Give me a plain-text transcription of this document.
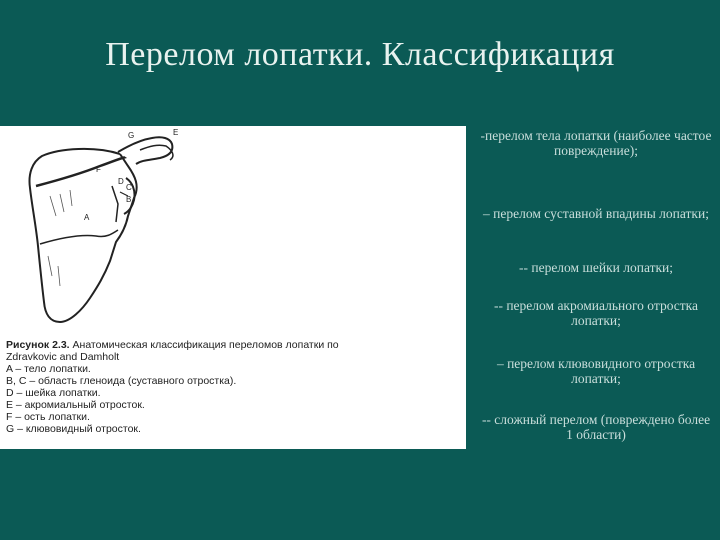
Перелом лопатки. Классификация
G	E
F
D
C
B
A
Рисунок 2.3. Анатомическая классификация переломов лопатки по
Zdravkovic and Damholt
A – тело лопатки.
B, C – область гленоида (суставного отростка).
D – шейка лопатки.
E – акромиальный отросток.
F – ость лопатки.
G – клювовидный отросток.
-перелом тела лопатки (наиболее частое повреждение);
– перелом суставной впадины лопатки;
-- перелом шейки лопатки;
-- перелом акромиального отростка лопатки;
– перелом клювовидного отростка лопатки;
-- сложный перелом (повреждено более 1 области)
